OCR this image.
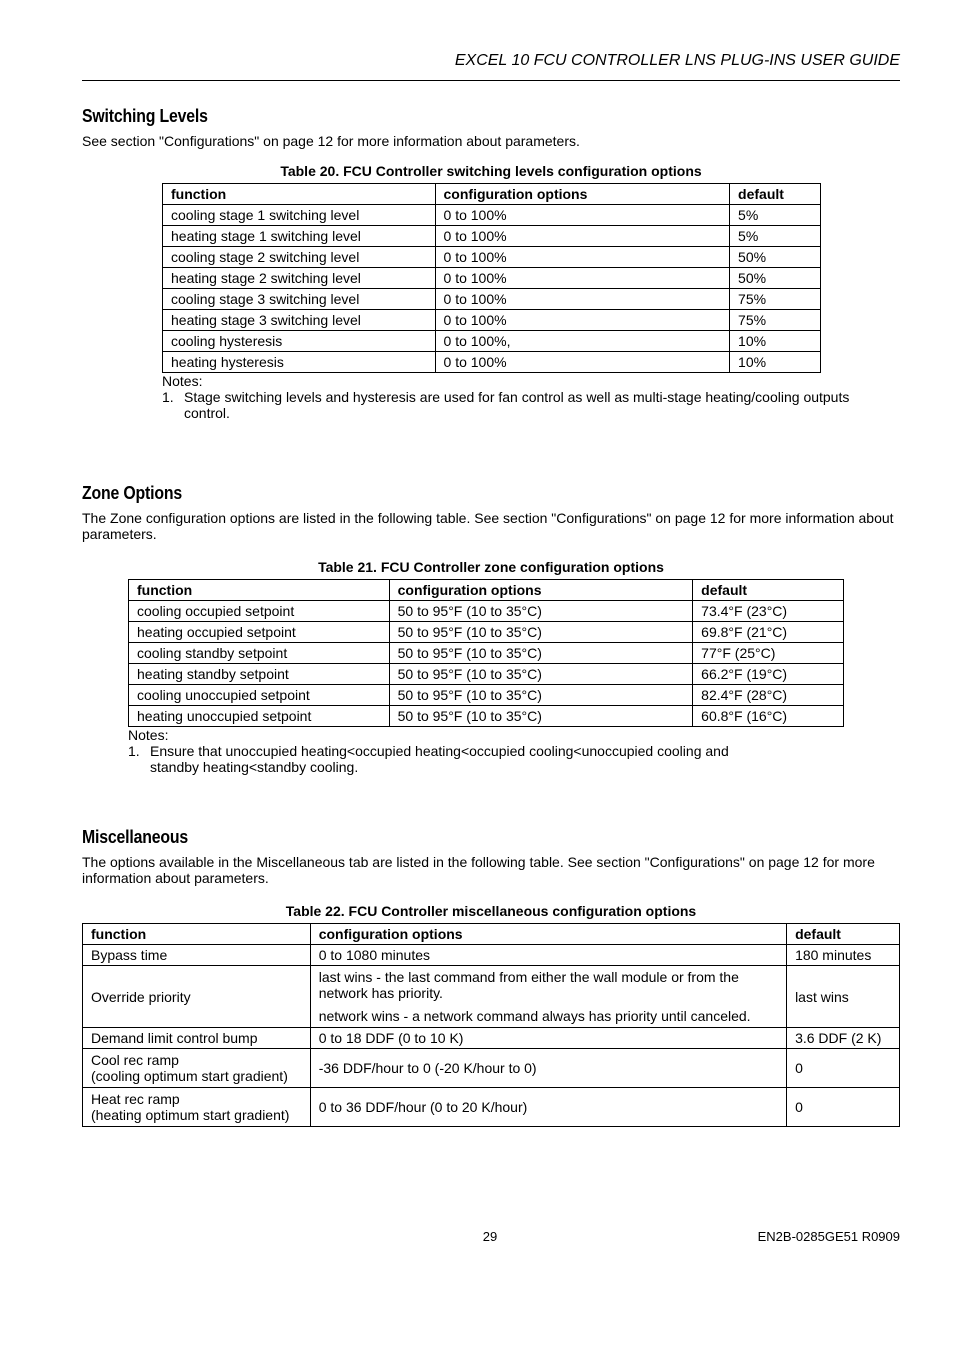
EXCEL 10 FCU CONTROLLER LNS PLUG-INS USER GUIDE
Switching Levels

See section "Configurations" on page 12 for more information about parameters.

Table 20. FCU Controller switching levels configuration options
function	configuration options	default
cooling stage 1 switching level	0 to 100%	5%
heating stage 1 switching level	0 to 100%	5%
cooling stage 2 switching level	0 to 100%	50%
heating stage 2 switching level	0 to 100%	50%
cooling stage 3 switching level	0 to 100%	75%
heating stage 3 switching level	0 to 100%	75%
cooling hysteresis	0 to 100%,	10%
heating hysteresis	0 to 100%	10%
Notes:
1. Stage switching levels and hysteresis are used for fan control as well as multi-stage heating/cooling outputs control.
Zone Options

The Zone configuration options are listed in the following table. See section "Configurations" on page 12 for more information about parameters.

Table 21. FCU Controller zone configuration options
function	configuration options	default
cooling occupied setpoint	50 to 95°F (10 to 35°C)	73.4°F (23°C)
heating occupied setpoint	50 to 95°F (10 to 35°C)	69.8°F (21°C)
cooling standby setpoint	50 to 95°F (10 to 35°C)	77°F (25°C)
heating standby setpoint	50 to 95°F (10 to 35°C)	66.2°F (19°C)
cooling unoccupied setpoint	50 to 95°F (10 to 35°C)	82.4°F (28°C)
heating unoccupied setpoint	50 to 95°F (10 to 35°C)	60.8°F (16°C)
Notes:
1. Ensure that unoccupied heating<occupied heating<occupied cooling<unoccupied cooling and standby heating<standby cooling.
Miscellaneous

The options available in the Miscellaneous tab are listed in the following table. See section "Configurations" on page 12 for more information about parameters.

Table 22. FCU Controller miscellaneous configuration options
function	configuration options	default
Bypass time	0 to 1080 minutes	180 minutes
Override priority	last wins - the last command from either the wall module or from the network has priority.
network wins - a network command always has priority until canceled.	last wins
Demand limit control bump	0 to 18 DDF (0 to 10 K)	3.6 DDF (2 K)

Cool rec ramp
(cooling optimum start gradient)	-36 DDF/hour to 0 (-20 K/hour to 0)	0

Heat rec ramp
(heating optimum start gradient)	0 to 36 DDF/hour (0 to 20 K/hour)	0
29	EN2B-0285GE51 R0909
